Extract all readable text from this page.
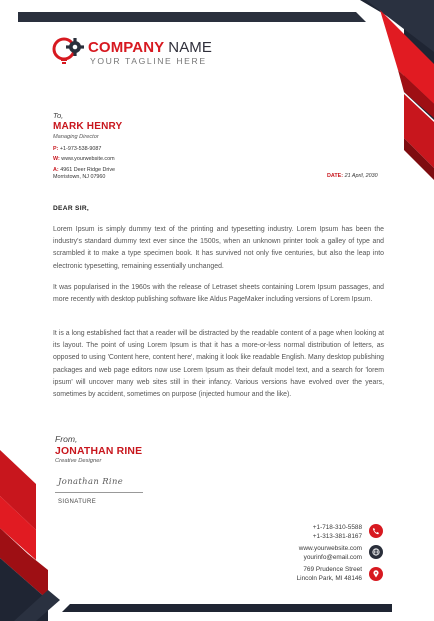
COMPANY NAME
YOUR TAGLINE HERE
To,
MARK HENRY
Managing Director
P: +1-973-538-9087
W: www.yourwebsite.com
A: 4961 Deer Ridge Drive
Morristown, NJ 07960	DATE: 21 April, 2030
DEAR SIR,

Lorem Ipsum is simply dummy text of the printing and typesetting industry. Lorem Ipsum has been the industry's standard dummy text ever since the 1500s, when an unknown printer took a galley of type and scrambled it to make a type specimen book. It has survived not only five centuries, but also the leap into electronic typesetting, remaining essentially unchanged.

It was popularised in the 1960s with the release of Letraset sheets containing Lorem Ipsum passages, and more recently with desktop publishing software like Aldus PageMaker including versions of Lorem Ipsum.

It is a long established fact that a reader will be distracted by the readable content of a page when looking at its layout. The point of using Lorem Ipsum is that it has a more-or-less normal distribution of letters, as opposed to using 'Content here, content here', making it look like readable English. Many desktop publishing packages and web page editors now use Lorem Ipsum as their default model text, and a search for 'lorem ipsum' will uncover many web sites still in their infancy. Various versions have evolved over the years, sometimes by accident, sometimes on purpose (injected humour and the like).

From,
JONATHAN RINE
Creative Designer
Jonathan Rine
SIGNATURE
+1-718-310-5588
+1-313-381-8167
www.yourwebsite.com
yourinfo@email.com
769 Prudence Street
Lincoln Park, MI 48146
